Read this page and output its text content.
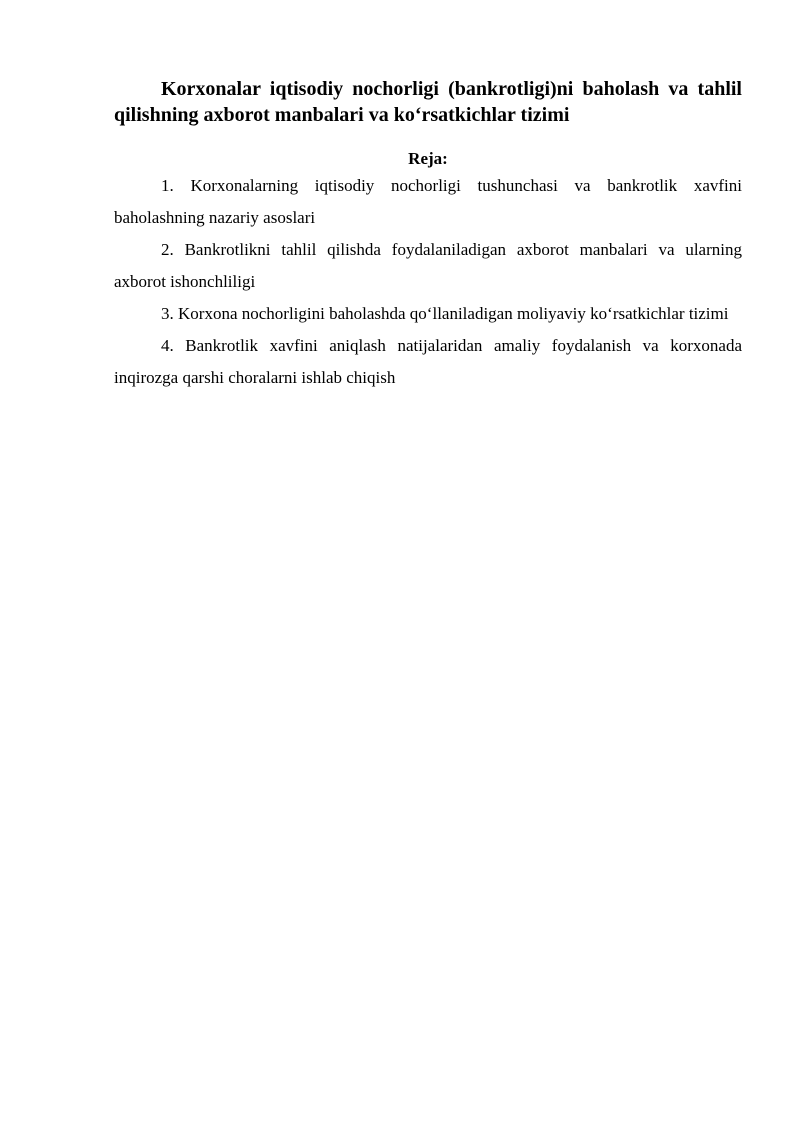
Korxonalar iqtisodiy nochorligi (bankrotligi)ni baholash va tahlil qilishning axborot manbalari va koʻrsatkichlar tizimi
Reja:
1. Korxonalarning iqtisodiy nochorligi tushunchasi va bankrotlik xavfini baholashning nazariy asoslari
2. Bankrotlikni tahlil qilishda foydalaniladigan axborot manbalari va ularning axborot ishonchliligi
3. Korxona nochorligini baholashda qoʻllaniladigan moliyaviy koʻrsatkichlar tizimi
4. Bankrotlik xavfini aniqlash natijalaridan amaliy foydalanish va korxonada inqirozga qarshi choralarni ishlab chiqish
